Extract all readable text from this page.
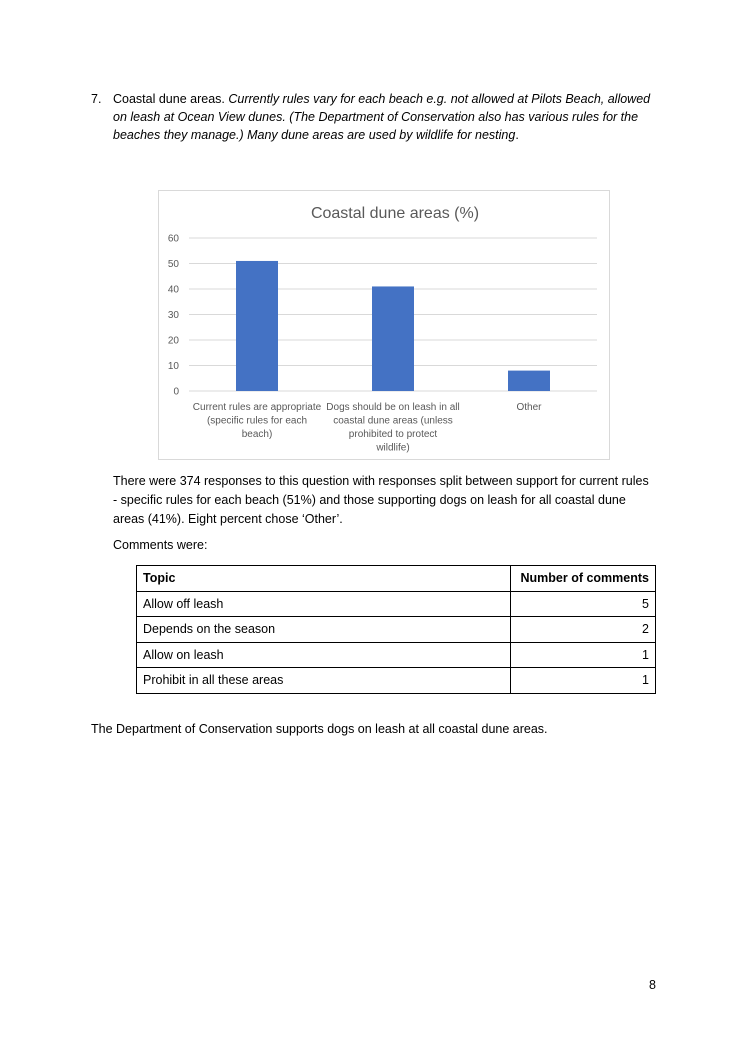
7. Coastal dune areas. Currently rules vary for each beach e.g. not allowed at Pilots Beach, allowed on leash at Ocean View dunes. (The Department of Conservation also has various rules for the beaches they manage.) Many dune areas are used by wildlife for nesting.
Coastal dune areas (%)
0
10
20
30
40
50
60
Current rules are appropriate
(specific rules for each
beach)
Dogs should be on leash in all
coastal dune areas (unless
prohibited to protect
wildlife)
Other
There were 374 responses to this question with responses split between support for current rules - specific rules for each beach (51%) and those supporting dogs on leash for all coastal dune areas (41%). Eight percent chose ‘Other’.
Comments were:
Topic	Number of comments
Allow off leash	5
Depends on the season	2
Allow on leash	1
Prohibit in all these areas	1
The Department of Conservation supports dogs on leash at all coastal dune areas.
8
